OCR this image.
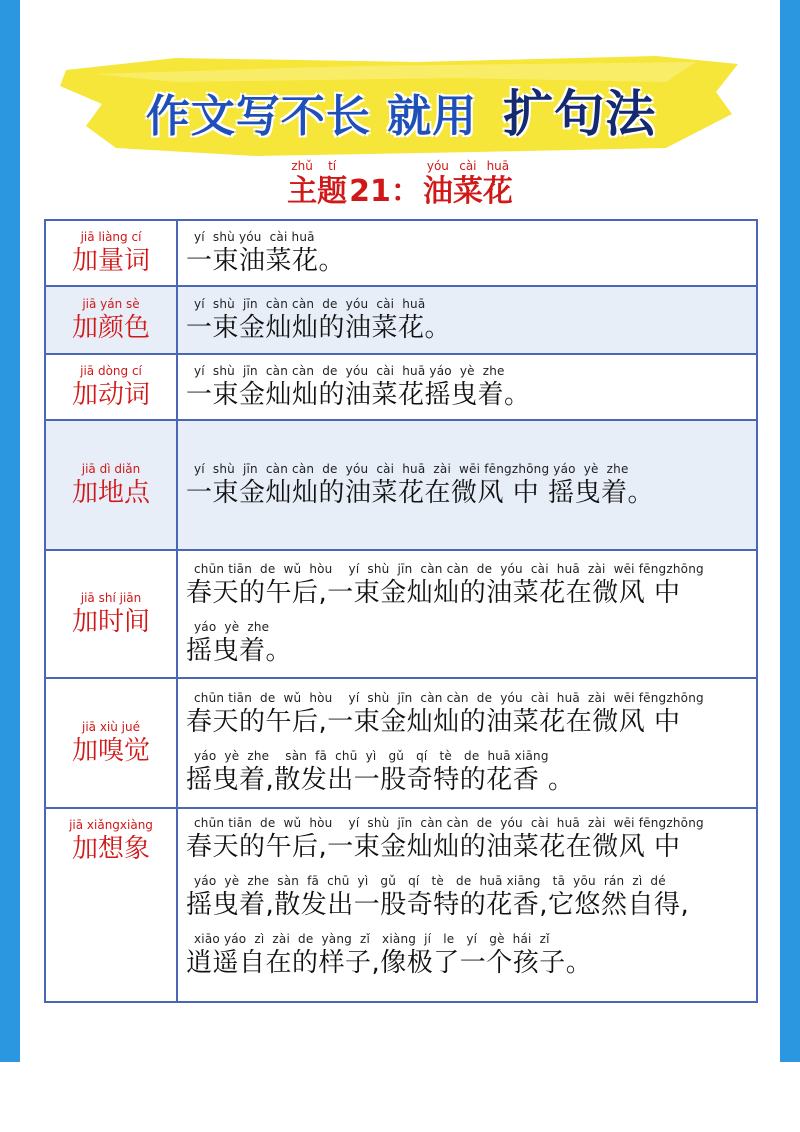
作文写不长 就用 扩句法
zhǔ
主
tí
题 21：
yóu
油
cài
菜
huā
花
jiā liàng cí
加量词
yí  shù yóu  cài huā
一束油菜花。
jiā yán sè
加颜色
yí  shù  jīn  càn càn  de  yóu  cài  huā
一束金灿灿的油菜花。
jiā dòng cí
加动词
yí  shù  jīn  càn càn  de  yóu  cài  huā yáo  yè  zhe
一束金灿灿的油菜花摇曳着。
jiā dì diǎn
加地点
yí  shù  jīn  càn càn  de  yóu  cài  huā  zài  wēi fēngzhōng yáo  yè  zhe
一束金灿灿的油菜花在微风 中 摇曳着。
jiā shí jiān
加时间
chūn tiān  de  wǔ  hòu    yí  shù  jīn  càn càn  de  yóu  cài  huā  zài  wēi fēngzhōng
春天的午后,一束金灿灿的油菜花在微风 中
yáo  yè  zhe
摇曳着。
jiā xiù jué
加嗅觉
chūn tiān  de  wǔ  hòu    yí  shù  jīn  càn càn  de  yóu  cài  huā  zài  wēi fēngzhōng
春天的午后,一束金灿灿的油菜花在微风 中
yáo  yè  zhe    sàn  fā  chū  yì   gǔ   qí   tè   de  huā xiāng
摇曳着,散发出一股奇特的花香 。
jiā xiǎngxiàng
加想象
chūn tiān  de  wǔ  hòu    yí  shù  jīn  càn càn  de  yóu  cài  huā  zài  wēi fēngzhōng
春天的午后,一束金灿灿的油菜花在微风 中
yáo  yè  zhe  sàn  fā  chū  yì   gǔ   qí   tè   de  huā xiāng   tā  yōu  rán  zì  dé
摇曳着,散发出一股奇特的花香,它悠然自得,
xiāo yáo  zì  zài  de  yàng  zǐ   xiàng  jí   le   yí   gè  hái  zǐ
逍遥自在的样子,像极了一个孩子。
